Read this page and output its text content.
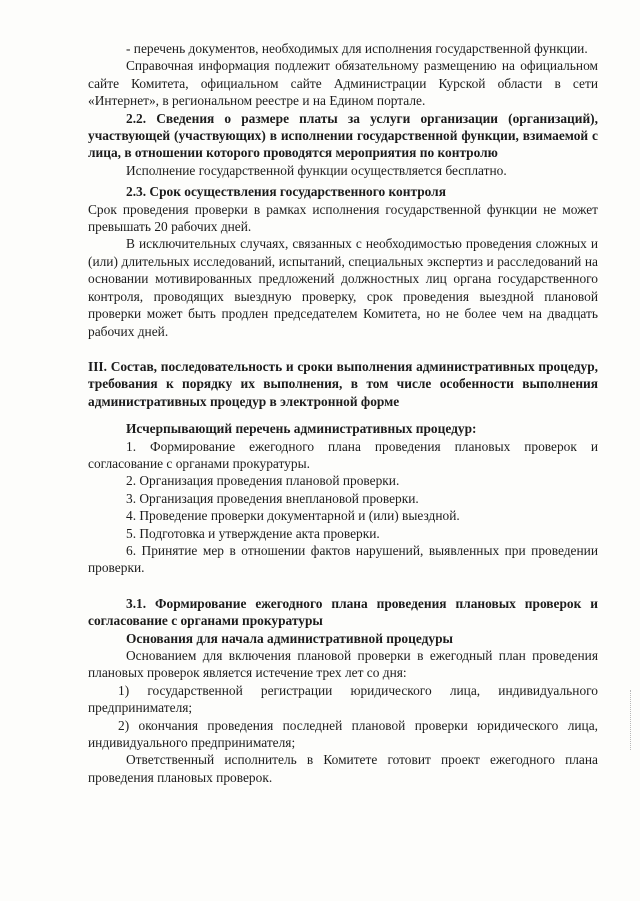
- перечень документов, необходимых для исполнения государственной функции.

Справочная информация подлежит обязательному размещению на официальном сайте Комитета, официальном сайте Администрации Курской области в сети «Интернет», в региональном реестре и на Едином портале.

2.2. Сведения о размере платы за услуги организации (организаций), участвующей (участвующих) в исполнении государственной функции, взимаемой с лица, в отношении которого проводятся мероприятия по контролю

Исполнение государственной функции осуществляется бесплатно.

2.3. Срок осуществления государственного контроля

Срок проведения проверки в рамках исполнения государственной функции не может превышать 20 рабочих дней.

В исключительных случаях, связанных с необходимостью проведения сложных и (или) длительных исследований, испытаний, специальных экспертиз и расследований на основании мотивированных предложений должностных лиц органа государственного контроля, проводящих выездную проверку, срок проведения выездной плановой проверки может быть продлен председателем Комитета, но не более чем на двадцать рабочих дней.

III. Состав, последовательность и сроки выполнения административных процедур, требования к порядку их выполнения, в том числе особенности выполнения административных процедур в электронной форме

Исчерпывающий перечень административных процедур:

1. Формирование ежегодного плана проведения плановых проверок и согласование с органами прокуратуры.

2. Организация проведения плановой проверки.

3. Организация проведения внеплановой проверки.

4. Проведение проверки документарной и (или) выездной.

5. Подготовка и утверждение акта проверки.

6. Принятие мер в отношении фактов нарушений, выявленных при проведении проверки.

3.1. Формирование ежегодного плана проведения плановых проверок и согласование с органами прокуратуры

Основания для начала административной процедуры

Основанием для включения плановой проверки в ежегодный план проведения плановых проверок является истечение трех лет со дня:

1) государственной регистрации юридического лица, индивидуального предпринимателя;

2) окончания проведения последней плановой проверки юридического лица, индивидуального предпринимателя;

Ответственный исполнитель в Комитете готовит проект ежегодного плана проведения плановых проверок.
